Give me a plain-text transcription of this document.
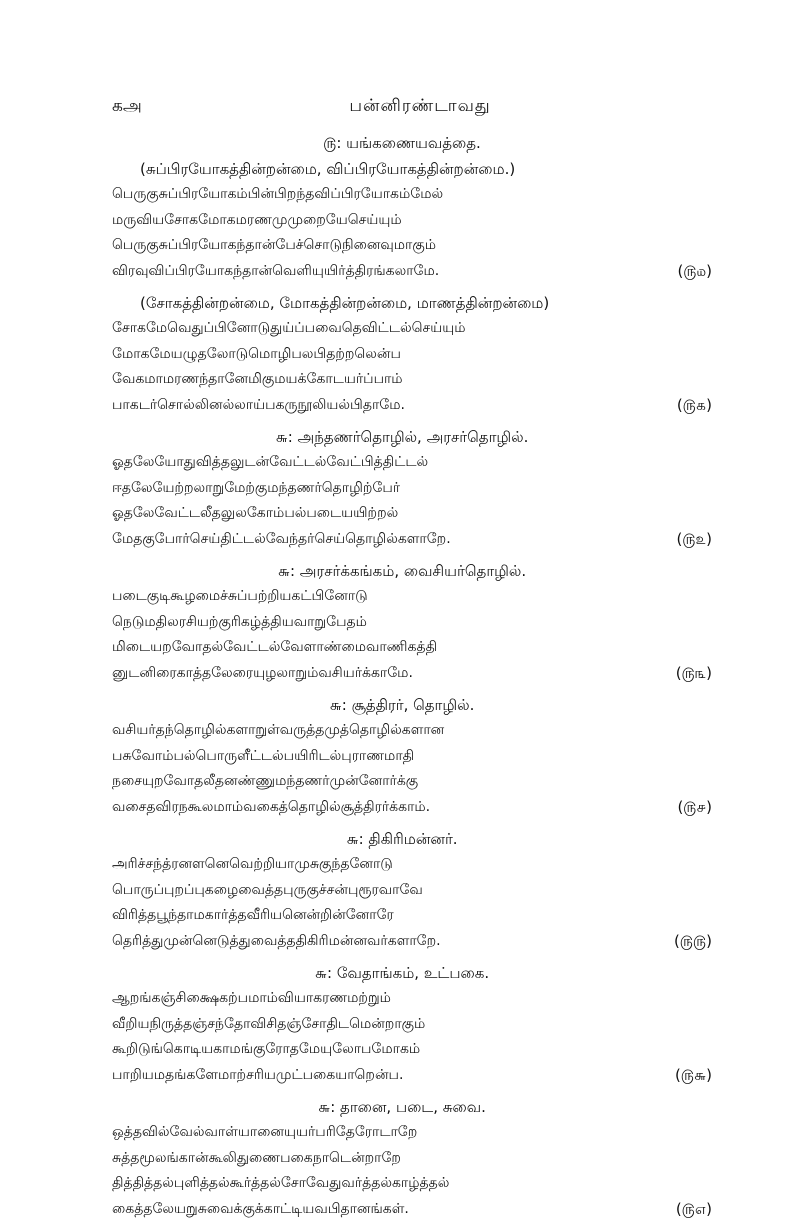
கஅ	பன்னிரண்டாவது
௫: யங்கணையவத்தை.
(சுப்பிரயோகத்தின்றன்மை, விப்பிரயோகத்தின்றன்மை.)
பெருகுசுப்பிரயோகம்பின்பிறந்தவிப்பிரயோகம்மேல்
மருவியசோகமோகமரணமுமுறையேசெய்யும்
பெருகுசுப்பிரயோகந்தான்பேச்சொடுநினைவுமாகும்
விரவுவிப்பிரயோகந்தான்வெளியுயிர்த்திரங்கலாமே.	(௫௰)
(சோகத்தின்றன்மை, மோகத்தின்றன்மை, மாணத்தின்றன்மை)
சோகமேவெதுப்பினோடுதுய்ப்பவைதெவிட்டல்செய்யும்
மோகமேயழுதலோடுமொழிபலபிதற்றலென்ப
வேகமாமரணந்தானேமிகுமயக்கோடயர்ப்பாம்
பாகடர்சொல்லினல்லாய்பகருநூலியல்பிதாமே.	(௫௧)
௬: அந்தணர்தொழில், அரசர்தொழில்.
ஓதலேயோதுவித்தலுடன்வேட்டல்வேட்பித்திட்டல்
ஈதலேயேற்றலாறுமேற்குமந்தணர்தொழிற்பேர்
ஓதலேவேட்டலீதலுலகோம்பல்படையயிற்றல்
மேதகுபோர்செய்திட்டல்வேந்தர்செய்தொழில்களாறே.	(௫௨)
௬: அரசர்க்கங்கம், வைசியர்தொழில்.
படைகுடிகூழமைச்சுப்பற்றியகட்பினோடு
நெடுமதிலரசியற்குரிகழ்த்தியவாறுபேதம்
மிடையறவோதல்வேட்டல்வேளாண்மைவாணிகத்தி
னுடனிரைகாத்தலேரையுழலாறும்வசியர்க்காமே.	(௫௩)
௬: சூத்திரர், தொழில்.
வசியர்தந்தொழில்களாறுள்வருத்தமுத்தொழில்களான
பசுவோம்பல்பொருளீட்டல்பயிரிடல்புராணமாதி
நசையுறவோதலீதனண்ணுமந்தணர்முன்னோர்க்கு
வசைதவிரநகூலமாம்வகைத்தொழில்சூத்திரர்க்காம்.	(௫௪)
௬: திகிரிமன்னர்.
அரிச்சந்த்ரனளனெவெற்றியாமுசுகுந்தனோடு
பொருப்புறப்புகழைவைத்தபுருகுச்சன்புரூரவாவே
விரித்தபூந்தாமகார்த்தவீரியனென்றின்னோரே
தெரித்துமுன்னெடுத்துவைத்ததிகிரிமன்னவர்களாறே.	(௫௫)
௬: வேதாங்கம், உட்பகை.
ஆறங்கஞ்சிக்ஷைகற்பமாம்வியாகரணமற்றும்
வீறியநிருத்தஞ்சந்தோவிசிதஞ்சோதிடமென்றாகும்
கூறிடுங்கொடியகாமங்குரோதமேயுலோபமோகம்
பாறியமதங்களேமாற்சரியமுட்பகையாறென்ப.	(௫௬)
௬: தானை, படை, சுவை.
ஒத்தவில்வேல்வாள்யானையுயர்பரிதேரோடாறே
சுத்தமூலங்கான்கூலிதுணைபகைநாடென்றாறே
தித்தித்தல்புளித்தல்கூர்த்தல்சோவேதுவர்த்தல்காழ்த்தல்
கைத்தலேயறுசுவைக்குக்காட்டியவபிதானங்கள்.	(௫௭)
